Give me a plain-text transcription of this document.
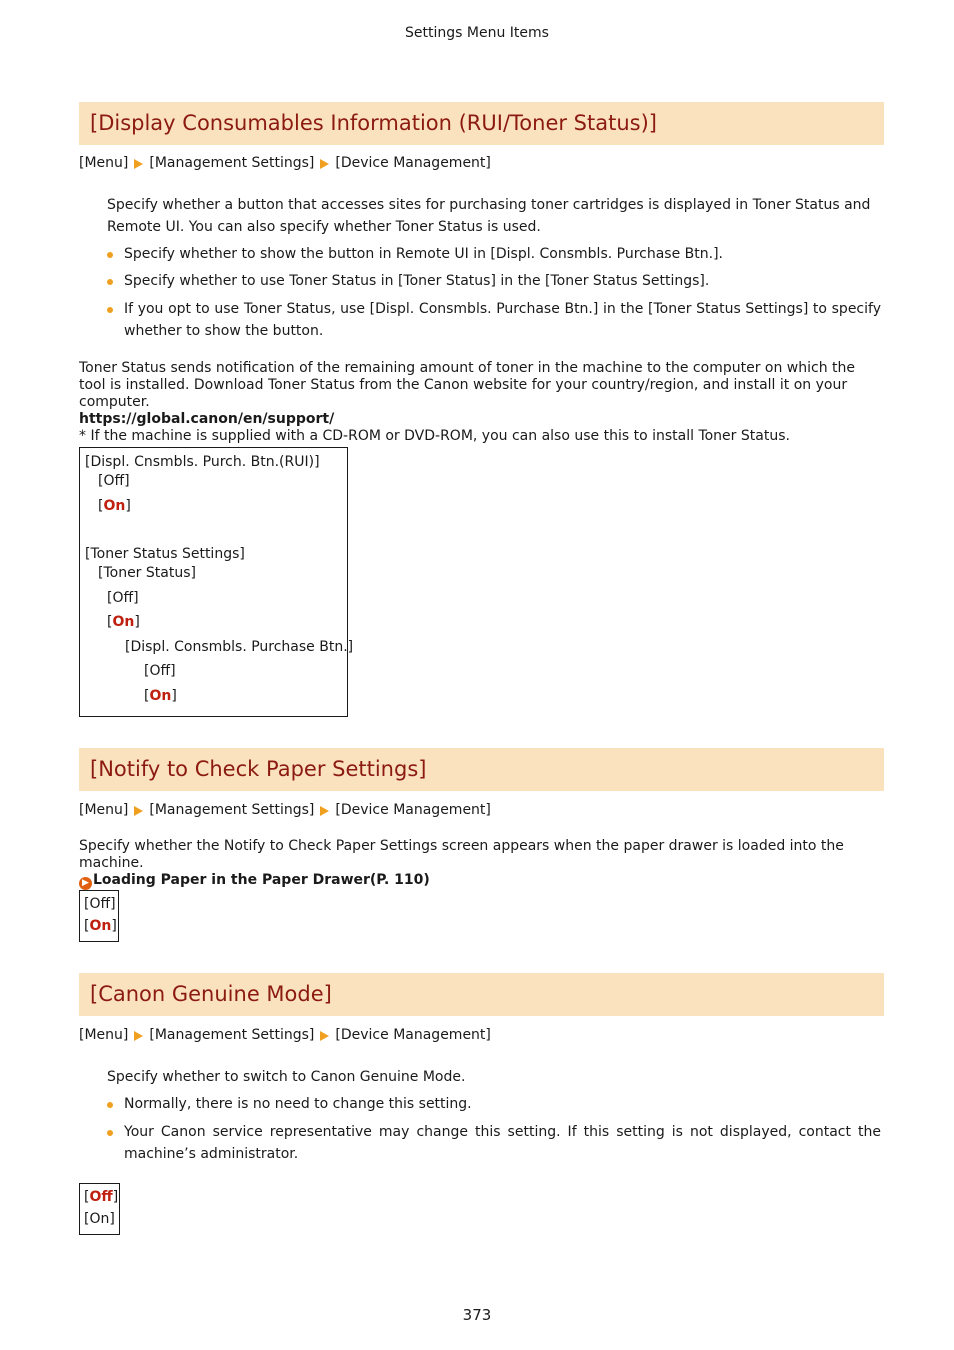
Settings Menu Items
[Display Consumables Information (RUI/Toner Status)]
[Menu] [Management Settings] [Device Management]
Specify whether a button that accesses sites for purchasing toner cartridges is displayed in Toner Status and Remote UI. You can also specify whether Toner Status is used.
Specify whether to show the button in Remote UI in [Displ. Consmbls. Purchase Btn.].
Specify whether to use Toner Status in [Toner Status] in the [Toner Status Settings].
If you opt to use Toner Status, use [Displ. Consmbls. Purchase Btn.] in the [Toner Status Settings] to specify whether to show the button.
Toner Status sends notification of the remaining amount of toner in the machine to the computer on which the tool is installed. Download Toner Status from the Canon website for your country/region, and install it on your computer.
https://global.canon/en/support/
* If the machine is supplied with a CD-ROM or DVD-ROM, you can also use this to install Toner Status.
[Displ. Cnsmbls. Purch. Btn.(RUI)]
[Off]
[On]
[Toner Status Settings]
[Toner Status]
[Off]
[On]
[Displ. Consmbls. Purchase Btn.]
[Off]
[On]
[Notify to Check Paper Settings]
[Menu] [Management Settings] [Device Management]
Specify whether the Notify to Check Paper Settings screen appears when the paper drawer is loaded into the machine.
▶ Loading Paper in the Paper Drawer(P. 110)
[Off]
[On]
[Canon Genuine Mode]
[Menu] [Management Settings] [Device Management]
Specify whether to switch to Canon Genuine Mode.
Normally, there is no need to change this setting.
Your Canon service representative may change this setting. If this setting is not displayed, contact the machine’s administrator.
[Off]
[On]
373
